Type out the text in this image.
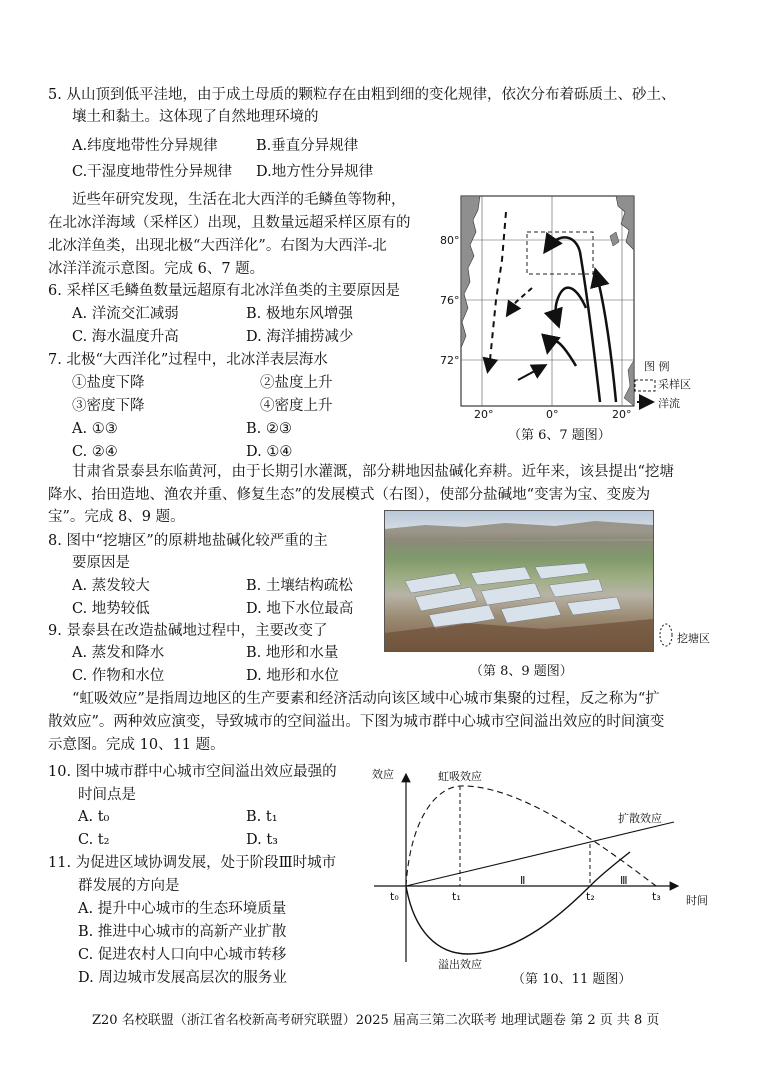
5. 从山顶到低平洼地，由于成土母质的颗粒存在由粗到细的变化规律，依次分布着砾质土、砂土、
壤土和黏土。这体现了自然地理环境的
A.纬度地带性分异规律	B.垂直分异规律
C.干湿度地带性分异规律 D.地方性分异规律
近些年研究发现，生活在北大西洋的毛鳞鱼等物种，
在北冰洋海域（采样区）出现，且数量远超采样区原有的
北冰洋鱼类，出现北极“大西洋化”。右图为大西洋-北
冰洋洋流示意图。完成 6、7 题。
6. 采样区毛鳞鱼数量远超原有北冰洋鱼类的主要原因是
A. 洋流交汇减弱	B. 极地东风增强
C. 海水温度升高	D. 海洋捕捞减少
7. 北极“大西洋化”过程中，北冰洋表层海水
①盐度下降	②盐度上升
③密度下降	④密度上升
A. ①③	B. ②③
C. ②④	D. ①④
80°
76°
72°
20°	0°	20°
图 例
采样区
洋流
（第 6、7 题图）
甘肃省景泰县东临黄河，由于长期引水灌溉，部分耕地因盐碱化弃耕。近年来，该县提出“挖塘
降水、抬田造地、渔农并重、修复生态”的发展模式（右图），使部分盐碱地“变害为宝、变废为
宝”。完成 8、9 题。
8. 图中“挖塘区”的原耕地盐碱化较严重的主
要原因是
A. 蒸发较大	B. 土壤结构疏松
C. 地势较低	D. 地下水位最高
9. 景泰县在改造盐碱地过程中，主要改变了
A. 蒸发和降水	B. 地形和水量
C. 作物和水位	D. 地形和水位
挖塘区
（第 8、9 题图）
“虹吸效应”是指周边地区的生产要素和经济活动向该区域中心城市集聚的过程，反之称为“扩
散效应”。两种效应演变，导致城市的空间溢出。下图为城市群中心城市空间溢出效应的时间演变
示意图。完成 10、11 题。
10. 图中城市群中心城市空间溢出效应最强的
时间点是
A. t₀	B. t₁
C. t₂	D. t₃
11. 为促进区域协调发展，处于阶段Ⅲ时城市
群发展的方向是
A. 提升中心城市的生态环境质量
B. 推进中心城市的高新产业扩散
C. 促进农村人口向中心城市转移
D. 周边城市发展高层次的服务业
效应
时间
虹吸效应
扩散效应
溢出效应
t₀	t₁	t₂	t₃
Ⅱ	Ⅲ
（第 10、11 题图）
Z20 名校联盟（浙江省名校新高考研究联盟）2025 届高三第二次联考 地理试题卷 第 2 页 共 8 页
